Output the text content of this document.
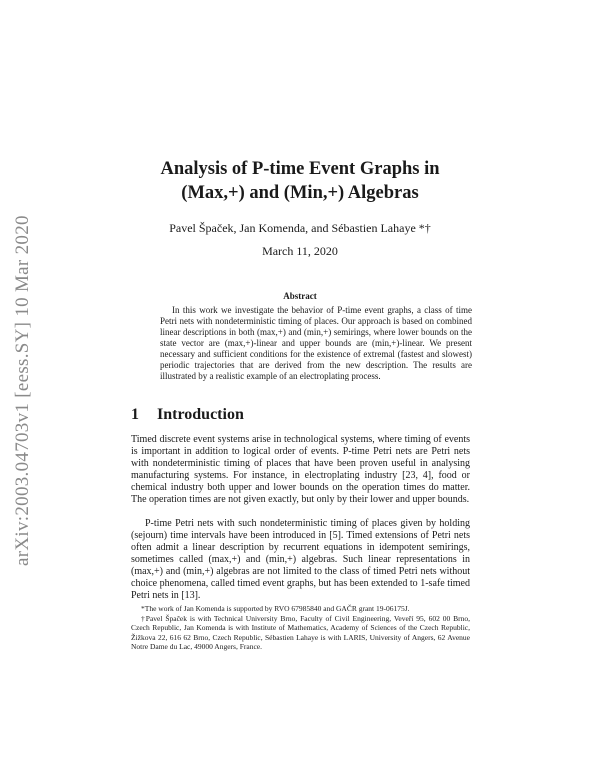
arXiv:2003.04703v1 [eess.SY] 10 Mar 2020
Analysis of P-time Event Graphs in
(Max,+) and (Min,+) Algebras
Pavel Špaček, Jan Komenda, and Sébastien Lahaye *†
March 11, 2020
Abstract
In this work we investigate the behavior of P-time event graphs, a class of time Petri nets with nondeterministic timing of places. Our approach is based on combined linear descriptions in both (max,+) and (min,+) semirings, where lower bounds on the state vector are (max,+)-linear and upper bounds are (min,+)-linear. We present necessary and sufficient conditions for the existence of extremal (fastest and slowest) periodic trajectories that are derived from the new description. The results are illustrated by a realistic example of an electroplating process.
1 Introduction
Timed discrete event systems arise in technological systems, where timing of events is important in addition to logical order of events. P-time Petri nets are Petri nets with nondeterministic timing of places that have been proven useful in analysing manufacturing systems. For instance, in electroplating industry [23, 4], food or chemical industry both upper and lower bounds on the operation times do matter. The operation times are not given exactly, but only by their lower and upper bounds.
P-time Petri nets with such nondeterministic timing of places given by holding (sejourn) time intervals have been introduced in [5]. Timed extensions of Petri nets often admit a linear description by recurrent equations in idempotent semirings, sometimes called (max,+) and (min,+) algebras. Such linear representations in (max,+) and (min,+) algebras are not limited to the class of timed Petri nets without choice phenomena, called timed event graphs, but has been extended to 1-safe timed Petri nets in [13].

*The work of Jan Komenda is supported by RVO 67985840 and GAČR grant 19-06175J.

†Pavel Špaček is with Technical University Brno, Faculty of Civil Engineering, Veveří 95, 602 00 Brno, Czech Republic, Jan Komenda is with Institute of Mathematics, Academy of Sciences of the Czech Republic, Žižkova 22, 616 62 Brno, Czech Republic, Sébastien Lahaye is with LARIS, University of Angers, 62 Avenue Notre Dame du Lac, 49000 Angers, France.
